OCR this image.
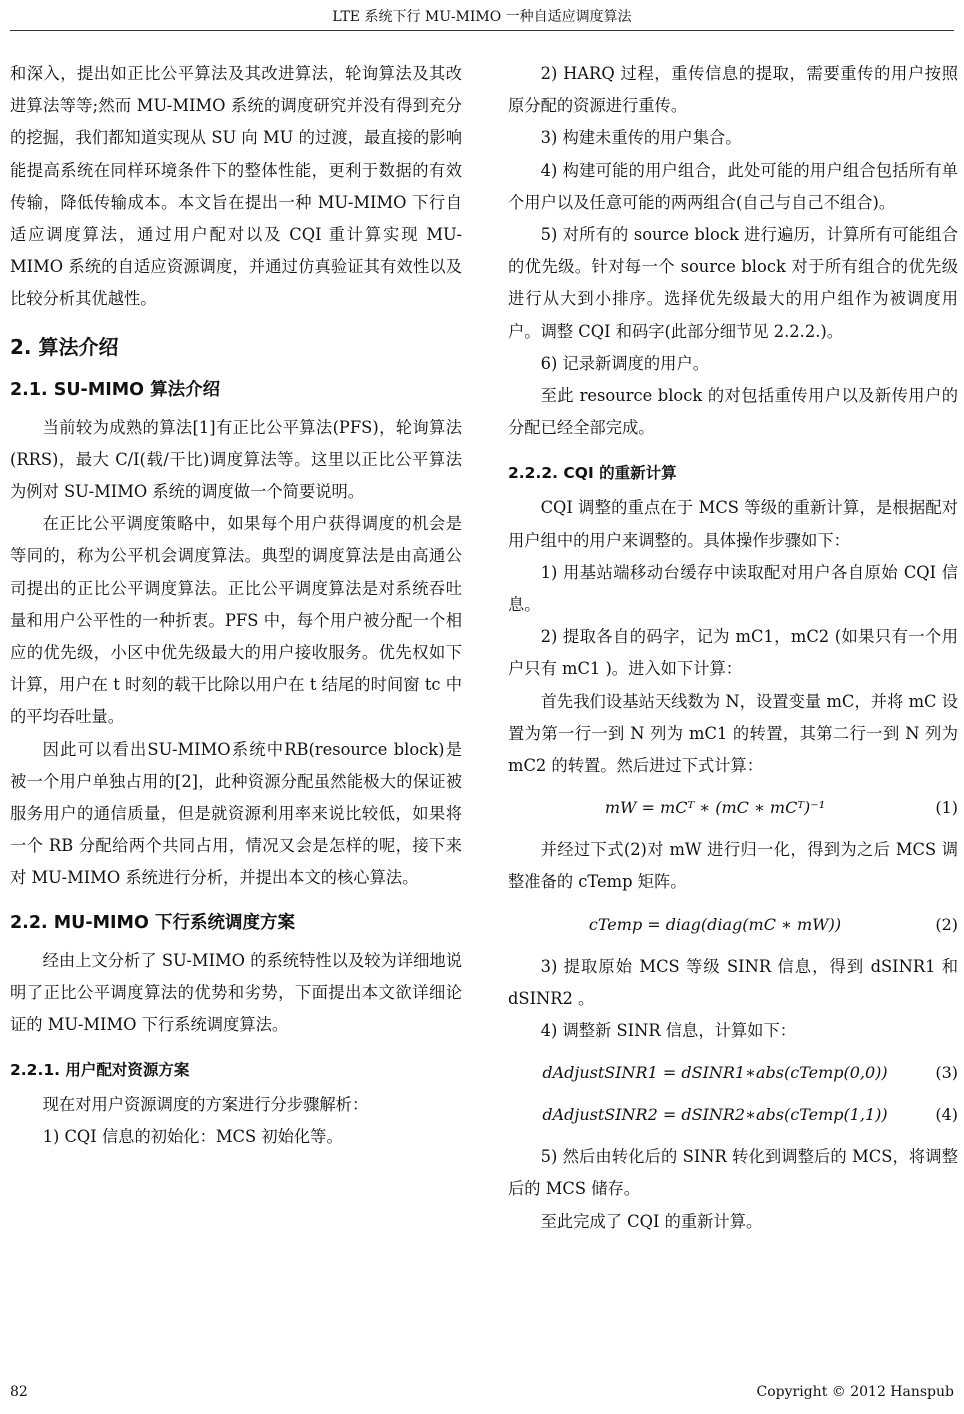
LTE 系统下行 MU-MIMO 一种自适应调度算法

和深入，提出如正比公平算法及其改进算法，轮询算法及其改进算法等等;然而 MU-MIMO 系统的调度研究并没有得到充分的挖掘，我们都知道实现从 SU 向 MU 的过渡，最直接的影响能提高系统在同样环境条件下的整体性能，更利于数据的有效传输，降低传输成本。本文旨在提出一种 MU-MIMO 下行自适应调度算法，通过用户配对以及 CQI 重计算实现 MU-MIMO 系统的自适应资源调度，并通过仿真验证其有效性以及比较分析其优越性。

2. 算法介绍
2.1. SU-MIMO 算法介绍

当前较为成熟的算法[1]有正比公平算法(PFS)，轮询算法(RRS)，最大 C/I(载/干比)调度算法等。这里以正比公平算法为例对 SU-MIMO 系统的调度做一个简要说明。

在正比公平调度策略中，如果每个用户获得调度的机会是等同的，称为公平机会调度算法。典型的调度算法是由高通公司提出的正比公平调度算法。正比公平调度算法是对系统吞吐量和用户公平性的一种折衷。PFS 中，每个用户被分配一个相应的优先级，小区中优先级最大的用户接收服务。优先权如下计算，用户在 t 时刻的载干比除以用户在 t 结尾的时间窗 tc 中的平均吞吐量。

因此可以看出SU-MIMO系统中RB(resource block)是被一个用户单独占用的[2]，此种资源分配虽然能极大的保证被服务用户的通信质量，但是就资源利用率来说比较低，如果将一个 RB 分配给两个共同占用，情况又会是怎样的呢，接下来对 MU-MIMO 系统进行分析，并提出本文的核心算法。

2.2. MU-MIMO 下行系统调度方案

经由上文分析了 SU-MIMO 的系统特性以及较为详细地说明了正比公平调度算法的优势和劣势，下面提出本文欲详细论证的 MU-MIMO 下行系统调度算法。

2.2.1. 用户配对资源方案

现在对用户资源调度的方案进行分步骤解析：

1) CQI 信息的初始化：MCS 初始化等。

2) HARQ 过程，重传信息的提取，需要重传的用户按照原分配的资源进行重传。

3) 构建未重传的用户集合。

4) 构建可能的用户组合，此处可能的用户组合包括所有单个用户以及任意可能的两两组合(自己与自己不组合)。

5) 对所有的 source block 进行遍历，计算所有可能组合的优先级。针对每一个 source block 对于所有组合的优先级进行从大到小排序。选择优先级最大的用户组作为被调度用户。调整 CQI 和码字(此部分细节见 2.2.2.)。

6) 记录新调度的用户。

至此 resource block 的对包括重传用户以及新传用户的分配已经全部完成。

2.2.2. CQI 的重新计算

CQI 调整的重点在于 MCS 等级的重新计算，是根据配对用户组中的用户来调整的。具体操作步骤如下：

1) 用基站端移动台缓存中读取配对用户各自原始 CQI 信息。

2) 提取各自的码字，记为 mC1，mC2 (如果只有一个用户只有 mC1 )。进入如下计算：

首先我们设基站天线数为 N，设置变量 mC，并将 mC 设置为第一行一到 N 列为 mC1 的转置，其第二行一到 N 列为 mC2 的转置。然后进过下式计算：

mW = mCᵀ ∗ (mC ∗ mCᵀ)⁻¹	(1)

并经过下式(2)对 mW 进行归一化，得到为之后 MCS 调整准备的 cTemp 矩阵。

cTemp = diag(diag(mC ∗ mW))	(2)

3) 提取原始 MCS 等级 SINR 信息，得到 dSINR1 和 dSINR2 。

4) 调整新 SINR 信息，计算如下：

dAdjustSINR1 = dSINR1∗abs(cTemp(0,0))	(3)
dAdjustSINR2 = dSINR2∗abs(cTemp(1,1))	(4)

5) 然后由转化后的 SINR 转化到调整后的 MCS，将调整后的 MCS 储存。

至此完成了 CQI 的重新计算。

82	Copyright © 2012 Hanspub
